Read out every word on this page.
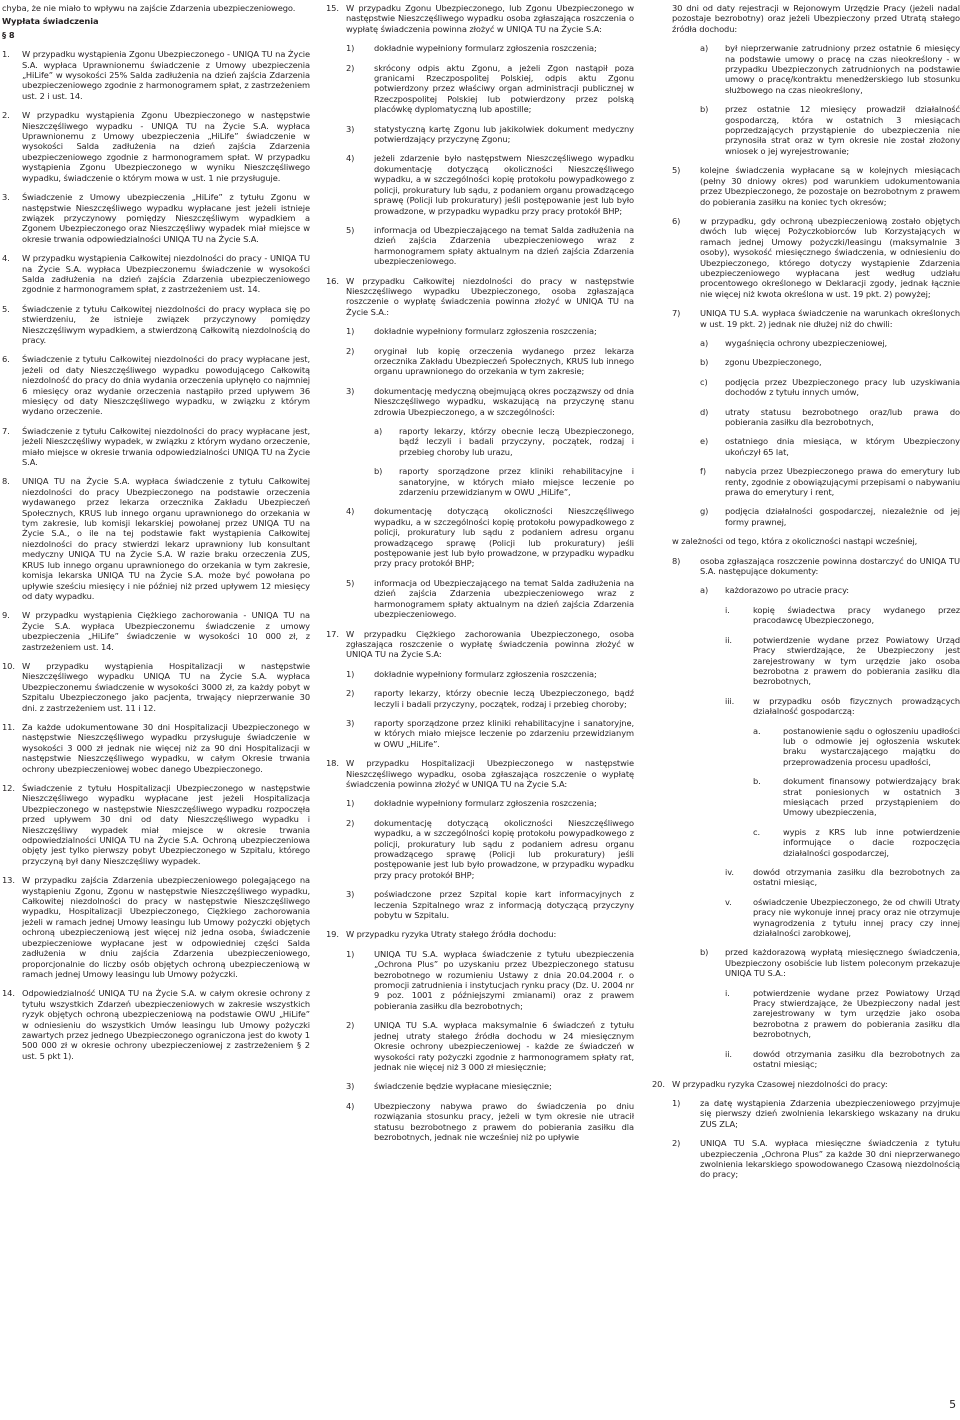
chyba, że nie miało to wpływu na zajście Zdarzenia ubezpieczeniowego.
Wypłata świadczenia
§ 8
1.	W przypadku wystąpienia Zgonu Ubezpieczonego - UNIQA TU na Życie S.A. wypłaca Uprawnionemu świadczenie z Umowy ubezpieczenia „HiLife” w wysokości 25% Salda zadłużenia na dzień zajścia Zdarzenia ubezpieczeniowego zgodnie z harmonogramem spłat, z zastrzeżeniem ust. 2 i ust. 14.
2.	W przypadku wystąpienia Zgonu Ubezpieczonego w następstwie Nieszczęśliwego wypadku - UNIQA TU na Życie S.A. wypłaca Uprawnionemu z Umowy ubezpieczenia „HiLife” świadczenie w wysokości Salda zadłużenia na dzień zajścia Zdarzenia ubezpieczeniowego zgodnie z harmonogramem spłat. W przypadku wystąpienia Zgonu Ubezpieczonego w wyniku Nieszczęśliwego wypadku, świadczenie o którym mowa w ust. 1 nie przysługuje.
3.	Świadczenie z Umowy ubezpieczenia „HiLife” z tytułu Zgonu w następstwie Nieszczęśliwego wypadku wypłacane jest jeżeli istnieje związek przyczynowy pomiędzy Nieszczęśliwym wypadkiem a Zgonem Ubezpieczonego oraz Nieszczęśliwy wypadek miał miejsce w okresie trwania odpowiedzialności UNIQA TU na Życie S.A.
4.	W przypadku wystąpienia Całkowitej niezdolności do pracy - UNIQA TU na Życie S.A. wypłaca Ubezpieczonemu świadczenie w wysokości Salda zadłużenia na dzień zajścia Zdarzenia ubezpieczeniowego zgodnie z harmonogramem spłat, z zastrzeżeniem ust. 14.
5.	Świadczenie z tytułu Całkowitej niezdolności do pracy wypłaca się po stwierdzeniu, że istnieje związek przyczynowy pomiędzy Nieszczęśliwym wypadkiem, a stwierdzoną Całkowitą niezdolnością do pracy.
6.	Świadczenie z tytułu Całkowitej niezdolności do pracy wypłacane jest, jeżeli od daty Nieszczęśliwego wypadku powodującego Całkowitą niezdolność do pracy do dnia wydania orzeczenia upłynęło co najmniej 6 miesięcy oraz wydanie orzeczenia nastąpiło przed upływem 36 miesięcy od daty Nieszczęśliwego wypadku, w związku z którym wydano orzeczenie.
7.	Świadczenie z tytułu Całkowitej niezdolności do pracy wypłacane jest, jeżeli Nieszczęśliwy wypadek, w związku z którym wydano orzeczenie, miało miejsce w okresie trwania odpowiedzialności UNIQA TU na Życie S.A.
8.	UNIQA TU na Życie S.A. wypłaca świadczenie z tytułu Całkowitej niezdolności do pracy Ubezpieczonego na podstawie orzeczenia wydawanego przez lekarza orzecznika Zakładu Ubezpieczeń Społecznych, KRUS lub innego organu uprawnionego do orzekania w tym zakresie, lub komisji lekarskiej powołanej przez UNIQA TU na Życie S.A., o ile na tej podstawie fakt wystąpienia Całkowitej niezdolności do pracy stwierdzi lekarz uprawniony lub konsultant medyczny UNIQA TU na Życie S.A. W razie braku orzeczenia ZUS, KRUS lub innego organu uprawnionego do orzekania w tym zakresie, komisja lekarska UNIQA TU na Życie S.A. może być powołana po upływie sześciu miesięcy i nie później niż przed upływem 12 miesięcy od daty wypadku.
9.	W przypadku wystąpienia Ciężkiego zachorowania - UNIQA TU na Życie S.A. wypłaca Ubezpieczonemu świadczenie z umowy ubezpieczenia „HiLife” świadczenie w wysokości 10 000 zł, z zastrzeżeniem ust. 14.
10. W przypadku wystąpienia Hospitalizacji w następstwie Nieszczęśliwego wypadku UNIQA TU na Życie S.A. wypłaca Ubezpieczonemu świadczenie w wysokości 3000 zł, za każdy pobyt w Szpitalu Ubezpieczonego jako pacjenta, trwający nieprzerwanie 30 dni. z zastrzeżeniem ust. 11 i 12.
11. Za każde udokumentowane 30 dni Hospitalizacji Ubezpieczonego w następstwie Nieszczęśliwego wypadku przysługuje świadczenie w wysokości 3 000 zł jednak nie więcej niż za 90 dni Hospitalizacji w następstwie Nieszczęśliwego wypadku, w całym Okresie trwania ochrony ubezpieczeniowej wobec danego Ubezpieczonego.
12. Świadczenie z tytułu Hospitalizacji Ubezpieczonego w następstwie Nieszczęśliwego wypadku wypłacane jest jeżeli Hospitalizacja Ubezpieczonego w następstwie Nieszczęśliwego wypadku rozpoczęła przed upływem 30 dni od daty Nieszczęśliwego wypadku i Nieszczęśliwy wypadek miał miejsce w okresie trwania odpowiedzialności UNIQA TU na Życie S.A. Ochroną ubezpieczeniowa objęty jest tylko pierwszy pobyt Ubezpieczonego w Szpitalu, którego przyczyną był dany Nieszczęśliwy wypadek.
13. W przypadku zajścia Zdarzenia ubezpieczeniowego polegającego na wystąpieniu Zgonu, Zgonu w następstwie Nieszczęśliwego wypadku, Całkowitej niezdolności do pracy w następstwie Nieszczęśliwego wypadku, Hospitalizacji Ubezpieczonego, Ciężkiego zachorowania jeżeli w ramach jednej Umowy leasingu lub Umowy pożyczki objętych ochroną ubezpieczeniową jest więcej niż jedna osoba, świadczenie ubezpieczeniowe wypłacane jest w odpowiedniej części Salda zadłużenia w dniu zajścia Zdarzenia ubezpieczeniowego, proporcjonalnie do liczby osób objętych ochroną ubezpieczeniową w ramach jednej Umowy leasingu lub Umowy pożyczki.
14. Odpowiedzialność UNIQA TU na Życie S.A. w całym okresie ochrony z tytułu wszystkich Zdarzeń ubezpieczeniowych w zakresie wszystkich ryzyk objętych ochroną ubezpieczeniową na podstawie OWU „HiLife” w odniesieniu do wszystkich Umów leasingu lub Umowy pożyczki zawartych przez jednego Ubezpieczonego ograniczona jest do kwoty 1 500 000 zł w okresie ochrony ubezpieczeniowej z zastrzeżeniem § 2 ust. 5 pkt 1).
15. W przypadku Zgonu Ubezpieczonego, lub Zgonu Ubezpieczonego w następstwie Nieszczęśliwego wypadku osoba zgłaszająca roszczenia o wypłatę świadczenia powinna złożyć w UNIQA TU na Życie S.A:
1)	dokładnie wypełniony formularz zgłoszenia roszczenia;
2)	skrócony odpis aktu Zgonu, a jeżeli Zgon nastąpił poza granicami Rzeczpospolitej Polskiej, odpis aktu Zgonu potwierdzony przez właściwy organ administracji publicznej w Rzeczpospolitej Polskiej lub potwierdzony przez polską placówkę dyplomatyczną lub apostille;
3)	statystyczną kartę Zgonu lub jakikolwiek dokument medyczny potwierdzający przyczynę Zgonu;
4)	jeżeli zdarzenie było następstwem Nieszczęśliwego wypadku dokumentację dotyczącą okoliczności Nieszczęśliwego wypadku, a w szczególności kopię protokołu powypadkowego z policji, prokuratury lub sądu, z podaniem organu prowadzącego sprawę (Policji lub prokuratury) jeśli postępowanie jest lub było prowadzone, w przypadku wypadku przy pracy protokół BHP;
5)	informacja od Ubezpieczającego na temat Salda zadłużenia na dzień zajścia Zdarzenia ubezpieczeniowego wraz z harmonogramem spłaty aktualnym na dzień zajścia Zdarzenia ubezpieczeniowego.
16. W przypadku Całkowitej niezdolności do pracy w następstwie Nieszczęśliwego wypadku Ubezpieczonego, osoba zgłaszająca roszczenie o wypłatę świadczenia powinna złożyć w UNIQA TU na Życie S.A.:
1)	dokładnie wypełniony formularz zgłoszenia roszczenia;
2)	oryginał lub kopię orzeczenia wydanego przez lekarza orzecznika Zakładu Ubezpieczeń Społecznych, KRUS lub innego organu uprawnionego do orzekania w tym zakresie;
3)	dokumentację medyczną obejmującą okres począzwszy od dnia Nieszczęśliwego wypadku, wskazującą na przyczynę stanu zdrowia Ubezpieczonego, a w szczególności:
a)	raporty lekarzy, którzy obecnie leczą Ubezpieczonego, bądź leczyli i badali przyczyny, początek, rodzaj i przebieg choroby lub urazu,
b)	raporty sporządzone przez kliniki rehabilitacyjne i sanatoryjne, w których miało miejsce leczenie po zdarzeniu przewidzianym w OWU „HiLife”,
4)	dokumentację dotyczącą okoliczności Nieszczęśliwego wypadku, a w szczególności kopię protokołu powypadkowego z policji, prokuratury lub sądu z podaniem adresu organu prowadzącego sprawę (Policji lub prokuratury) jeśli postępowanie jest lub było prowadzone, w przypadku wypadku przy pracy protokół BHP;
5)	informacja od Ubezpieczającego na temat Salda zadłużenia na dzień zajścia Zdarzenia ubezpieczeniowego wraz z harmonogramem spłaty aktualnym na dzień zajścia Zdarzenia ubezpieczeniowego.
17. W przypadku Ciężkiego zachorowania Ubezpieczonego, osoba zgłaszająca roszczenie o wypłatę świadczenia powinna złożyć w UNIQA TU na Życie S.A:
1)	dokładnie wypełniony formularz zgłoszenia roszczenia;
2)	raporty lekarzy, którzy obecnie leczą Ubezpieczonego, bądź leczyli i badali przyczyny, początek, rodzaj i przebieg choroby;
3)	raporty sporządzone przez kliniki rehabilitacyjne i sanatoryjne, w których miało miejsce leczenie po zdarzeniu przewidzianym w OWU „HiLife”.
18. W przypadku Hospitalizacji Ubezpieczonego w następstwie Nieszczęśliwego wypadku, osoba zgłaszająca roszczenie o wypłatę świadczenia powinna złożyć w UNIQA TU na Życie S.A:
1)	dokładnie wypełniony formularz zgłoszenia roszczenia;
2)	dokumentację dotyczącą okoliczności Nieszczęśliwego wypadku, a w szczególności kopię protokołu powypadkowego z policji, prokuratury lub sądu z podaniem adresu organu prowadzącego sprawę (Policji lub prokuratury) jeśli postępowanie jest lub było prowadzone, w przypadku wypadku przy pracy protokół BHP;
3)	poświadczone przez Szpital kopie kart informacyjnych z leczenia Szpitalnego wraz z informacją dotyczącą przyczyny pobytu w Szpitalu.
19. W przypadku ryzyka Utraty stałego źródła dochodu:
1)	UNIQA TU S.A. wypłaca świadczenie z tytułu ubezpieczenia „Ochrona Plus” po uzyskaniu przez Ubezpieczonego statusu bezrobotnego w rozumieniu Ustawy z dnia 20.04.2004 r. o promocji zatrudnienia i instytucjach rynku pracy (Dz. U. 2004 nr 9 poz. 1001 z późniejszymi zmianami) oraz z prawem pobierania zasiłku dla bezrobotnych;
2)	UNIQA TU S.A. wypłaca maksymalnie 6 świadczeń z tytułu jednej utraty stałego źródła dochodu w 24 miesięcznym Okresie ochrony ubezpieczeniowej - każde ze świadczeń w wysokości raty pożyczki zgodnie z harmonogramem spłaty rat, jednak nie więcej niż 3 000 zł miesięcznie;
3)	świadczenie będzie wypłacane miesięcznie;
4)	Ubezpieczony nabywa prawo do świadczenia po dniu rozwiązania stosunku pracy, jeżeli w tym okresie nie utracił statusu bezrobotnego z prawem do pobierania zasiłku dla bezrobotnych, jednak nie wcześniej niż po upływie
30 dni od daty rejestracji w Rejonowym Urzędzie Pracy (jeżeli nadal pozostaje bezrobotny) oraz jeżeli Ubezpieczony przed Utratą stałego źródła dochodu:
a)	był nieprzerwanie zatrudniony przez ostatnie 6 miesięcy na podstawie umowy o pracę na czas nieokreślony - w przypadku Ubezpieczonych zatrudnionych na podstawie umowy o pracę/kontraktu menedżerskiego lub stosunku służbowego na czas nieokreślony,
b)	przez ostatnie 12 miesięcy prowadził działalność gospodarczą, która w ostatnich 3 miesiącach poprzedzających przystąpienie do ubezpieczenia nie przynosiła strat oraz w tym okresie nie został złożony wniosek o jej wyrejestrowanie;
5)	kolejne świadczenia wypłacane są w kolejnych miesiącach (pełny 30 dniowy okres) pod warunkiem udokumentowania przez Ubezpieczonego, że pozostaje on bezrobotnym z prawem do pobierania zasiłku na koniec tych okresów;
6)	w przypadku, gdy ochroną ubezpieczeniową zostało objętych dwóch lub więcej Pożyczkobiorców lub Korzystających w ramach jednej Umowy pożyczki/leasingu (maksymalnie 3 osoby), wysokość miesięcznego świadczenia, w odniesieniu do Ubezpieczonego, którego dotyczy wystąpienie Zdarzenia ubezpieczeniowego wypłacana jest według udziału procentowego określonego w Deklaracji zgody, jednak łącznie nie więcej niż kwota określona w ust. 19 pkt. 2) powyżej;
7)	UNIQA TU S.A. wypłaca świadczenie na warunkach określonych w ust. 19 pkt. 2) jednak nie dłużej niż do chwili:
a)	wygaśnięcia ochrony ubezpieczeniowej,
b)	zgonu Ubezpieczonego,
c)	podjęcia przez Ubezpieczonego pracy lub uzyskiwania dochodów z tytułu innych umów,
d)	utraty statusu bezrobotnego oraz/lub prawa do pobierania zasiłku dla bezrobotnych,
e)	ostatniego dnia miesiąca, w którym Ubezpieczony ukończył 65 lat,
f)	nabycia przez Ubezpieczonego prawa do emerytury lub renty, zgodnie z obowiązującymi przepisami o nabywaniu prawa do emerytury i rent,
g)	podjęcia działalności gospodarczej, niezależnie od jej formy prawnej,
w zależności od tego, która z okoliczności nastąpi wcześniej,
8)	osoba zgłaszająca roszczenie powinna dostarczyć do UNIQA TU S.A. następujące dokumenty:
a)	każdorazowo po utracie pracy:
i.	kopię świadectwa pracy wydanego przez pracodawcę Ubezpieczonego,
ii.	potwierdzenie wydane przez Powiatowy Urząd Pracy stwierdzające, że Ubezpieczony jest zarejestrowany w tym urzędzie jako osoba bezrobotna z prawem do pobierania zasiłku dla bezrobotnych,
iii.	w przypadku osób fizycznych prowadzących działalność gospodarczą:
a.	postanowienie sądu o ogłoszeniu upadłości lub o odmowie jej ogłoszenia wskutek braku wystarczającego majątku do przeprowadzenia procesu upadłości,
b.	dokument finansowy potwierdzający brak strat poniesionych w ostatnich 3 miesiącach przed przystąpieniem do Umowy ubezpieczenia,
c.	wypis z KRS lub inne potwierdzenie informujące o dacie rozpoczęcia działalności gospodarczej,
iv.	dowód otrzymania zasiłku dla bezrobotnych za ostatni miesiąc,
v.	oświadczenie Ubezpieczonego, że od chwili Utraty pracy nie wykonuje innej pracy oraz nie otrzymuje wynagrodzenia z tytułu innej pracy czy innej działalności zarobkowej,
b)	przed każdorazową wypłatą miesięcznego świadczenia, Ubezpieczony osobiście lub listem poleconym przekazuje UNIQA TU S.A.:
i.	potwierdzenie wydane przez Powiatowy Urząd Pracy stwierdzające, że Ubezpieczony nadal jest zarejestrowany w tym urzędzie jako osoba bezrobotna z prawem do pobierania zasiłku dla bezrobotnych,
ii.	dowód otrzymania zasiłku dla bezrobotnych za ostatni miesiąc;
20. W przypadku ryzyka Czasowej niezdolności do pracy:
1)	za datę wystąpienia Zdarzenia ubezpieczeniowego przyjmuje się pierwszy dzień zwolnienia lekarskiego wskazany na druku ZUS ZLA;
2)	UNIQA TU S.A. wypłaca miesięczne świadczenia z tytułu ubezpieczenia „Ochrona Plus” za każde 30 dni nieprzerwanego zwolnienia lekarskiego spowodowanego Czasową niezdolnością do pracy;
5
